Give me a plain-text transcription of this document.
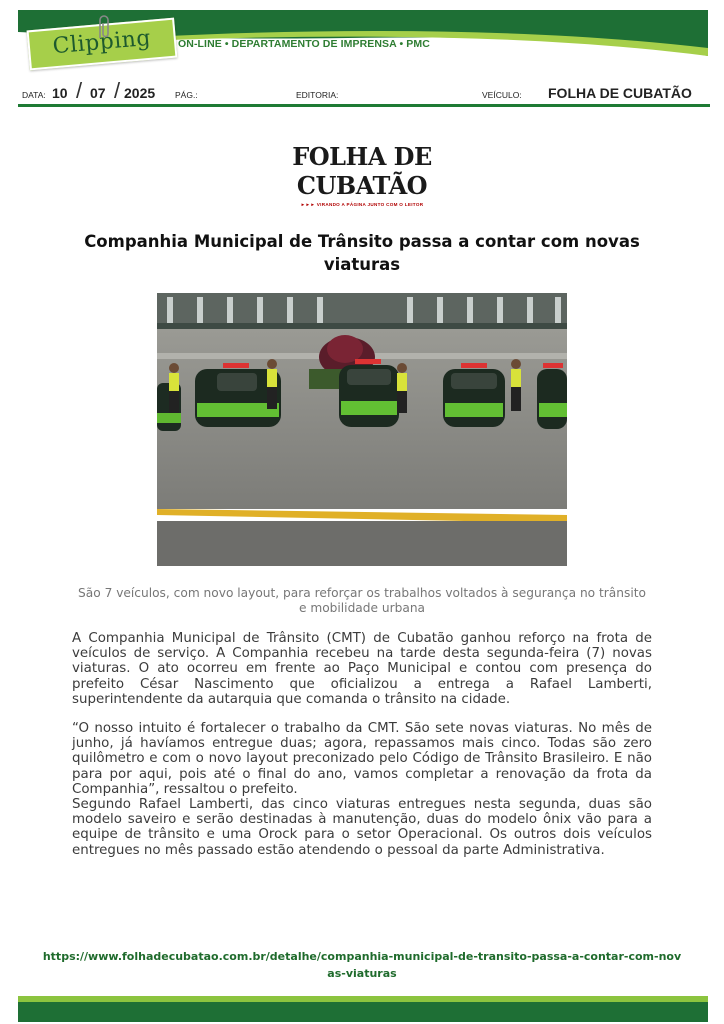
Clipping	ON-LINE • DEPARTAMENTO DE IMPRENSA • PMC
DATA: 10 / 07 / 2025 PÁG.:	EDITORIA:	VEÍCULO: FOLHA DE CUBATÃO
FOLHA DE CUBATÃO
►►► VIRANDO A PÁGINA JUNTO COM O LEITOR
Companhia Municipal de Trânsito passa a contar com novas viaturas
São 7 veículos, com novo layout, para reforçar os trabalhos voltados à segurança no trânsito e mobilidade urbana

A Companhia Municipal de Trânsito (CMT) de Cubatão ganhou reforço na frota de veículos de serviço. A Companhia recebeu na tarde desta segunda-feira (7) novas viaturas. O ato ocorreu em frente ao Paço Municipal e contou com presença do prefeito César Nascimento que oficializou a entrega a Rafael Lamberti, superintendente da autarquia que comanda o trânsito na cidade.

“O nosso intuito é fortalecer o trabalho da CMT. São sete novas viaturas. No mês de junho, já havíamos entregue duas; agora, repassamos mais cinco. Todas são zero quilômetro e com o novo layout preconizado pelo Código de Trânsito Brasileiro. E não para por aqui, pois até o final do ano, vamos completar a renovação da frota da Companhia”, ressaltou o prefeito.

Segundo Rafael Lamberti, das cinco viaturas entregues nesta segunda, duas são modelo saveiro e serão destinadas à manutenção, duas do modelo ônix vão para a equipe de trânsito e uma Orock para o setor Operacional. Os outros dois veículos entregues no mês passado estão atendendo o pessoal da parte Administrativa.

https://www.folhadecubatao.com.br/detalhe/companhia-municipal-de-transito-passa-a-contar-com-novas-viaturas
